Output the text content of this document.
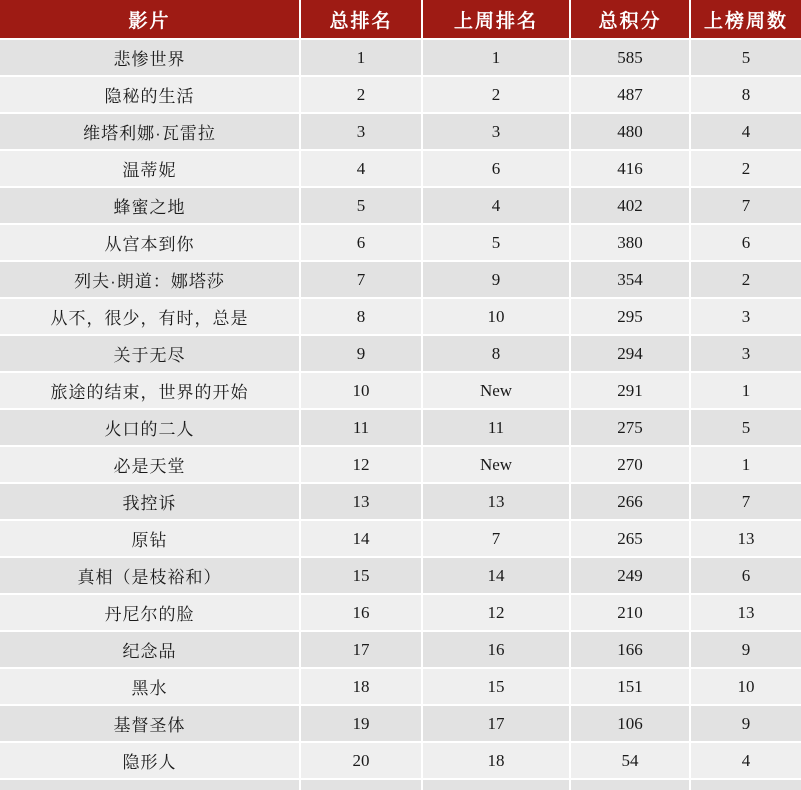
影片	总排名	上周排名	总积分	上榜周数
悲惨世界	1	1	585	5
隐秘的生活	2	2	487	8
维塔利娜·瓦雷拉	3	3	480	4
温蒂妮	4	6	416	2
蜂蜜之地	5	4	402	7
从宫本到你	6	5	380	6
列夫·朗道：娜塔莎	7	9	354	2
从不，很少，有时，总是	8	10	295	3
关于无尽	9	8	294	3
旅途的结束，世界的开始	10	New	291	1
火口的二人	11	11	275	5
必是天堂	12	New	270	1
我控诉	13	13	266	7
原钻	14	7	265	13
真相（是枝裕和）	15	14	249	6
丹尼尔的脸	16	12	210	13
纪念品	17	16	166	9
黑水	18	15	151	10
基督圣体	19	17	106	9
隐形人	20	18	54	4
